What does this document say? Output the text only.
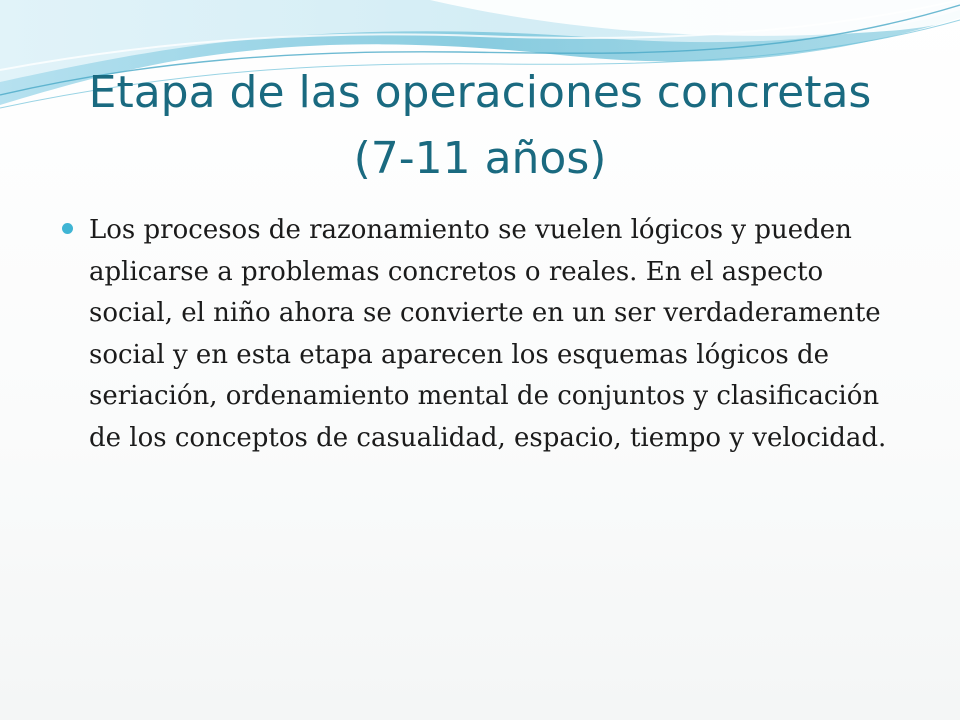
Etapa de las operaciones concretas
(7-11 años)

Los procesos de razonamiento se vuelen lógicos y pueden aplicarse a problemas concretos o reales. En el aspecto social, el niño ahora se convierte en un ser verdaderamente social y en esta etapa aparecen los esquemas lógicos de seriación, ordenamiento mental de conjuntos y clasificación de los conceptos de casualidad, espacio, tiempo y velocidad.
